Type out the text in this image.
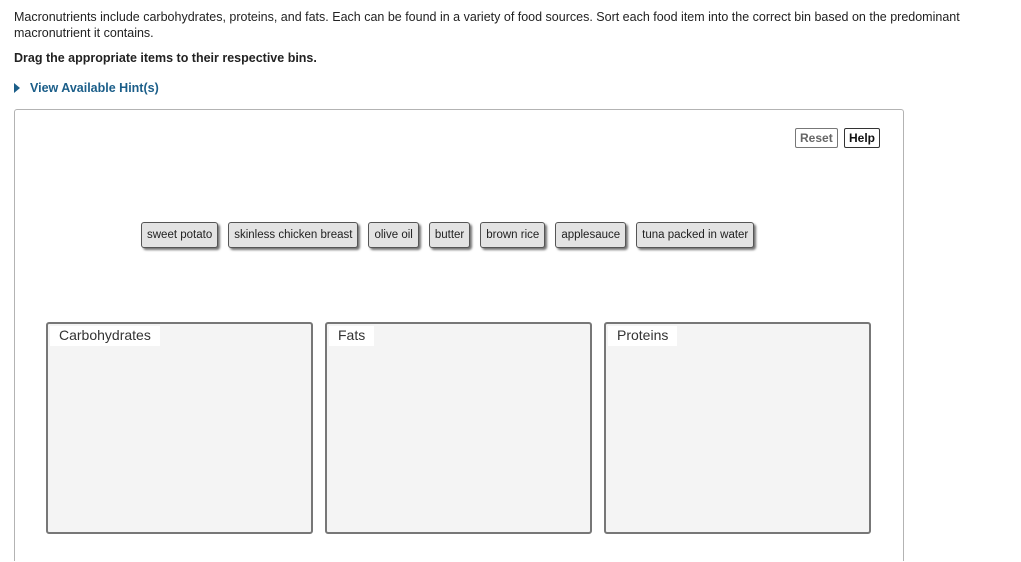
Macronutrients include carbohydrates, proteins, and fats. Each can be found in a variety of food sources. Sort each food item into the correct bin based on the predominant macronutrient it contains.
Drag the appropriate items to their respective bins.
View Available Hint(s)
Reset	Help
sweet potato	skinless chicken breast	olive oil	butter	brown rice	applesauce	tuna packed in water
Carbohydrates	Fats	Proteins
